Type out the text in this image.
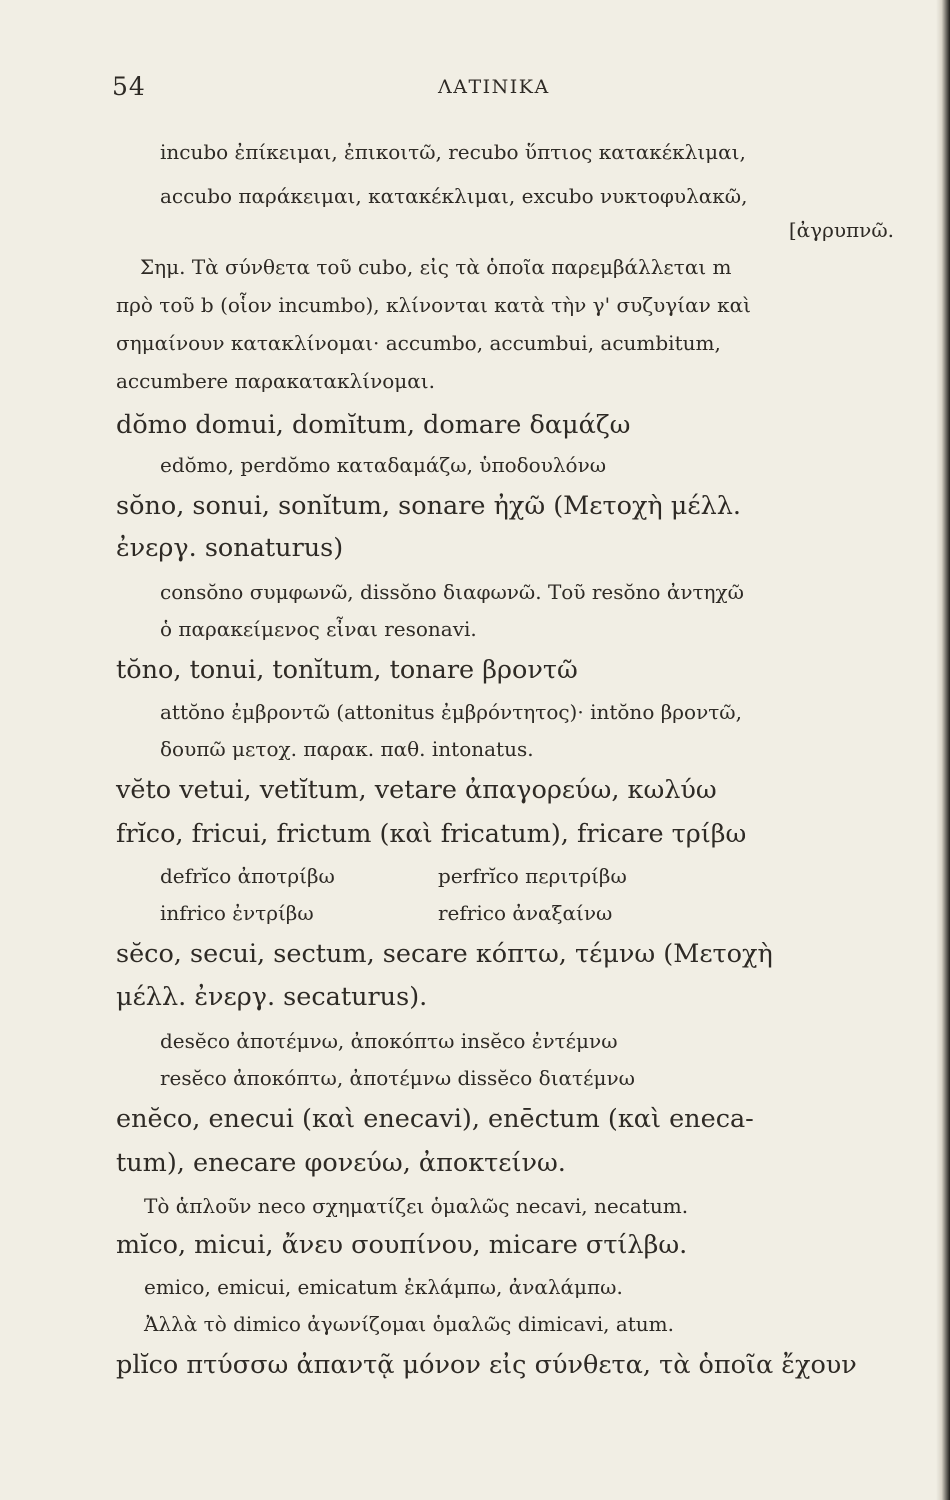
54	ΛΑΤΙΝΙΚΑ
incubo ἐπίκειμαι, ἐπικοιτῶ, recubo ὕπτιος κατακέκλιμαι,
accubo παράκειμαι, κατακέκλιμαι, excubo νυκτοφυλακῶ,
[ἀγρυπνῶ.
Σημ. Τὰ σύνθετα τοῦ cubo, εἰς τὰ ὁποῖα παρεμβάλλεται m
πρὸ τοῦ b (οἷον incumbo), κλίνονται κατὰ τὴν γ' συζυγίαν καὶ
σημαίνουν κατακλίνομαι· accumbo, accumbui, acumbitum,
accumbere παρακατακλίνομαι.
dŏmo domui, domĭtum, domare δαμάζω
edŏmo, perdŏmo καταδαμάζω, ὑποδουλόνω
sŏno, sonui, sonĭtum, sonare ἠχῶ (Μετοχὴ μέλλ.
ἐνεργ. sonaturus)
consŏno συμφωνῶ, dissŏno διαφωνῶ. Τοῦ resŏno ἀντηχῶ
ὁ παρακείμενος εἶναι resonavi.
tŏno, tonui, tonĭtum, tonare βροντῶ
attŏno ἐμβροντῶ (attonitus ἐμβρόντητος)· intŏno βροντῶ,
δουπῶ μετοχ. παρακ. παθ. intonatus.
vĕto vetui, vetĭtum, vetare ἀπαγορεύω, κωλύω
frĭco, fricui, frictum (καὶ fricatum), fricare τρίβω
defrĭco ἀποτρίβω	perfrĭco περιτρίβω
infrico ἐντρίβω	refrico ἀναξαίνω
sĕco, secui, sectum, secare κόπτω, τέμνω (Μετοχὴ
μέλλ. ἐνεργ. secaturus).
desĕco ἀποτέμνω, ἀποκόπτω insĕco ἐντέμνω
resĕco ἀποκόπτω, ἀποτέμνω dissĕco διατέμνω
enĕco, enecui (καὶ enecavi), enēctum (καὶ eneca-
tum), enecare φονεύω, ἀποκτείνω.
Τὸ ἁπλοῦν neco σχηματίζει ὁμαλῶς necavi, necatum.
mĭco, micui, ἄνευ σουπίνου, micare στίλβω.
emico, emicui, emicatum ἐκλάμπω, ἀναλάμπω.
Ἀλλὰ τὸ dimico ἀγωνίζομαι ὁμαλῶς dimicavi, atum.
plĭco πτύσσω ἀπαντᾷ μόνον εἰς σύνθετα, τὰ ὁποῖα ἔχουν
